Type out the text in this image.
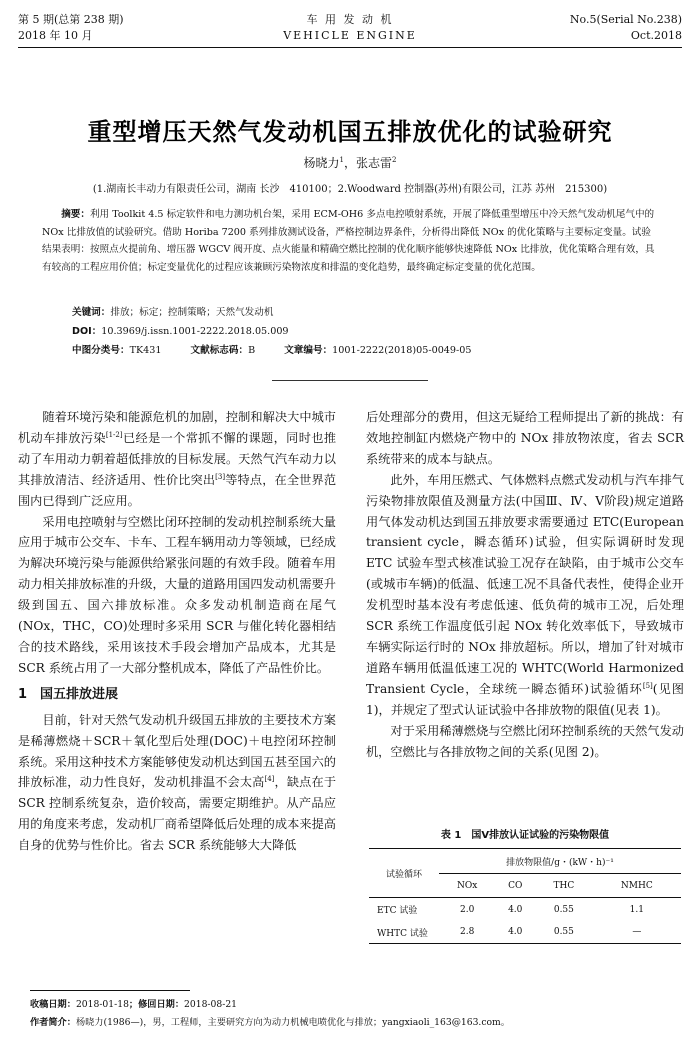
第 5 期(总第 238 期)
2018 年 10 月
车 用 发 动 机
VEHICLE ENGINE
No.5(Serial No.238)
Oct.2018
重型增压天然气发动机国五排放优化的试验研究
杨晓力$^1$，张志雷$^2$
(1.湖南长丰动力有限责任公司，湖南 长沙　410100；2.Woodward 控制器(苏州)有限公司，江苏 苏州　215300)
摘要：利用 Toolkit 4.5 标定软件和电力测功机台架，采用 ECM-OH6 多点电控喷射系统，开展了降低重型增压中冷天然气发动机尾气中的 NOx 比排放值的试验研究。借助 Horiba 7200 系列排放测试设备，严格控制边界条件，分析得出降低 NOx 的优化策略与主要标定变量。试验结果表明：按照点火提前角、增压器 WGCV 阀开度、点火能量和精确空燃比控制的优化顺序能够快速降低 NOx 比排放，优化策略合理有效，具有较高的工程应用价值；标定变量优化的过程应该兼顾污染物浓度和排温的变化趋势，最终确定标定变量的优化范围。
关键词：排放；标定；控制策略；天然气发动机
DOI：10.3969/j.issn.1001-2222.2018.05.009
中图分类号：TK431	文献标志码：B	文章编号：1001-2222(2018)05-0049-05

随着环境污染和能源危机的加剧，控制和解决大中城市机动车排放污染[1-2]已经是一个常抓不懈的课题，同时也推动了车用动力朝着超低排放的目标发展。天然气汽车动力以其排放清洁、经济适用、性价比突出[3]等特点，在全世界范围内已得到广泛应用。

采用电控喷射与空燃比闭环控制的发动机控制系统大量应用于城市公交车、卡车、工程车辆用动力等领域，已经成为解决环境污染与能源供给紧张问题的有效手段。随着车用动力相关排放标准的升级，大量的道路用国四发动机需要升级到国五、国六排放标准。众多发动机制造商在尾气(NOx，THC，CO)处理时多采用 SCR 与催化转化器相结合的技术路线，采用该技术手段会增加产品成本，尤其是 SCR 系统占用了一大部分整机成本，降低了产品性价比。

1　国五排放进展

目前，针对天然气发动机升级国五排放的主要技术方案是稀薄燃烧＋SCR＋氧化型后处理(DOC)＋电控闭环控制系统。采用这种技术方案能够使发动机达到国五甚至国六的排放标准，动力性良好，发动机排温不会太高[4]，缺点在于 SCR 控制系统复杂，造价较高，需要定期维护。从产品应用的角度来考虑，发动机厂商希望降低后处理的成本来提高自身的优势与性价比。省去 SCR 系统能够大大降低

后处理部分的费用，但这无疑给工程师提出了新的挑战：有效地控制缸内燃烧产物中的 NOx 排放物浓度，省去 SCR 系统带来的成本与缺点。

此外，车用压燃式、气体燃料点燃式发动机与汽车排气污染物排放限值及测量方法(中国Ⅲ、Ⅳ、Ⅴ阶段)规定道路用气体发动机达到国五排放要求需要通过 ETC(European transient cycle，瞬态循环)试验，但实际调研时发现 ETC 试验车型式核准试验工况存在缺陷，由于城市公交车(或城市车辆)的低温、低速工况不具备代表性，使得企业开发机型时基本没有考虑低速、低负荷的城市工况，后处理 SCR 系统工作温度低引起 NOx 转化效率低下，导致城市车辆实际运行时的 NOx 排放超标。所以，增加了针对城市道路车辆用低温低速工况的 WHTC(World Harmonized Transient Cycle，全球统一瞬态循环)试验循环[5](见图 1)，并规定了型式认证试验中各排放物的限值(见表 1)。

对于采用稀薄燃烧与空燃比闭环控制系统的天然气发动机，空燃比与各排放物之间的关系(见图 2)。

表 1　国Ⅴ排放认证试验的污染物限值
试验循环	排放物限值/g・(kW・h)⁻¹			
	NOx	CO	THC	NMHC
ETC 试验	2.0	4.0	0.55	1.1
WHTC 试验	2.8	4.0	0.55	—
收稿日期：2018-01-18；修回日期：2018-08-21
作者简介：杨晓力(1986—)，男，工程师，主要研究方向为动力机械电喷优化与排放；yangxiaoli_163@163.com。
